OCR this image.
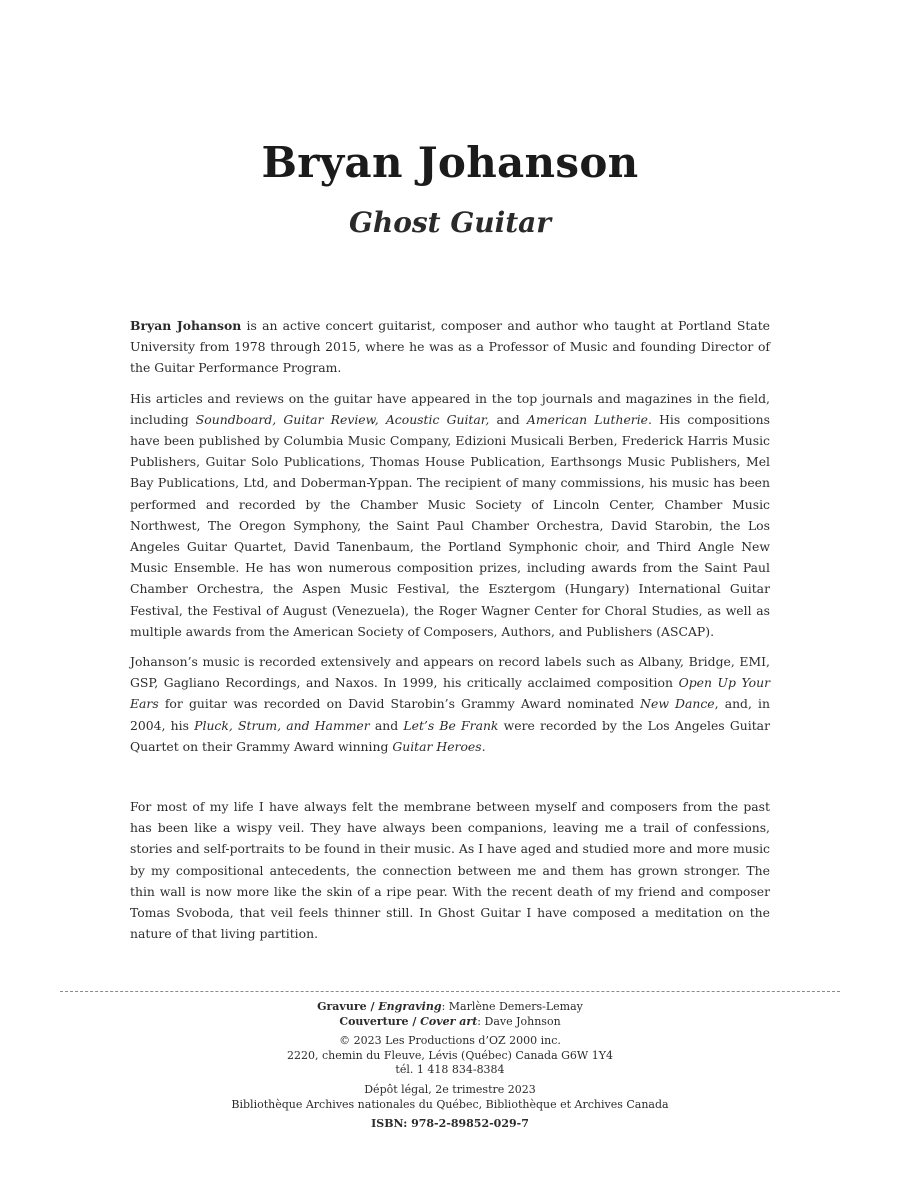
Bryan Johanson
Ghost Guitar

Bryan Johanson is an active concert guitarist, composer and author who taught at Portland State University from 1978 through 2015, where he was as a Professor of Music and founding Director of the Guitar Performance Program.

His articles and reviews on the guitar have appeared in the top journals and magazines in the field, including Soundboard, Guitar Review, Acoustic Guitar, and American Lutherie. His compositions have been published by Columbia Music Company, Edizioni Musicali Berben, Frederick Harris Music Publishers, Guitar Solo Publications, Thomas House Publication, Earthsongs Music Publishers, Mel Bay Publications, Ltd, and Doberman-Yppan. The recipient of many commissions, his music has been performed and recorded by the Chamber Music Society of Lincoln Center, Chamber Music Northwest, The Oregon Symphony, the Saint Paul Chamber Orchestra, David Starobin, the Los Angeles Guitar Quartet, David Tanenbaum, the Portland Symphonic choir, and Third Angle New Music Ensemble. He has won numerous composition prizes, including awards from the Saint Paul Chamber Orchestra, the Aspen Music Festival, the Esztergom (Hungary) International Guitar Festival, the Festival of August (Venezuela), the Roger Wagner Center for Choral Studies, as well as multiple awards from the American Society of Composers, Authors, and Publishers (ASCAP).

Johanson’s music is recorded extensively and appears on record labels such as Albany, Bridge, EMI, GSP, Gagliano Recordings, and Naxos. In 1999, his critically acclaimed composition Open Up Your Ears for guitar was recorded on David Starobin’s Grammy Award nominated New Dance, and, in 2004, his Pluck, Strum, and Hammer and Let’s Be Frank were recorded by the Los Angeles Guitar Quartet on their Grammy Award winning Guitar Heroes.

For most of my life I have always felt the membrane between myself and composers from the past has been like a wispy veil. They have always been companions, leaving me a trail of confessions, stories and self-portraits to be found in their music. As I have aged and studied more and more music by my compositional antecedents, the connection between me and them has grown stronger. The thin wall is now more like the skin of a ripe pear. With the recent death of my friend and composer Tomas Svoboda, that veil feels thinner still. In Ghost Guitar I have composed a meditation on the nature of that living partition.

Gravure / Engraving: Marlène Demers-Lemay
Couverture / Cover art: Dave Johnson
© 2023 Les Productions d’OZ 2000 inc.
2220, chemin du Fleuve, Lévis (Québec) Canada G6W 1Y4
tél. 1 418 834-8384
Dépôt légal, 2e trimestre 2023
Bibliothèque Archives nationales du Québec, Bibliothèque et Archives Canada
ISBN: 978-2-89852-029-7
